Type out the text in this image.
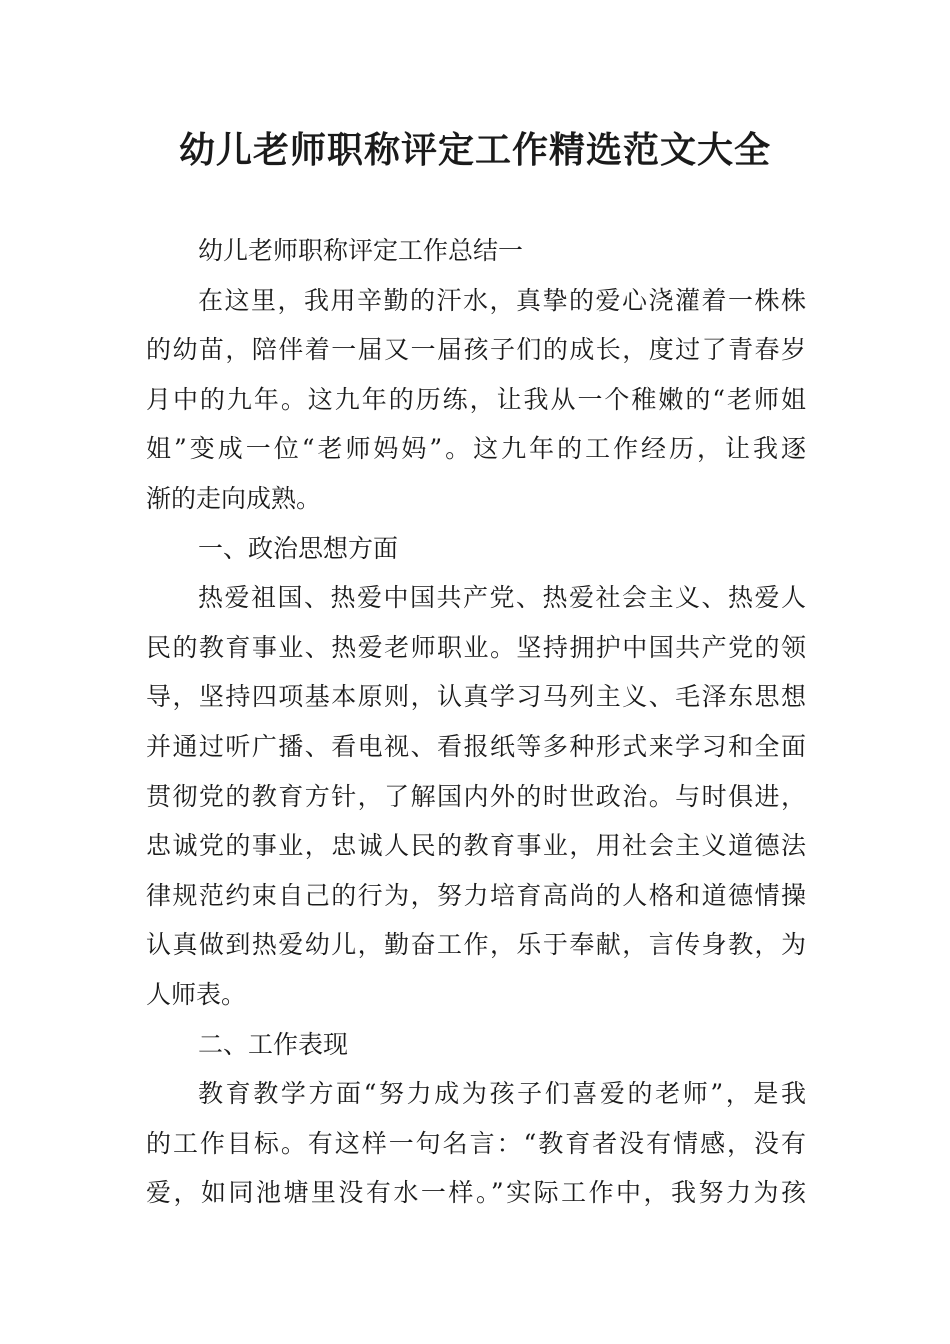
幼儿老师职称评定工作精选范文大全
幼儿老师职称评定工作总结一
在这里，我用辛勤的汗水，真挚的爱心浇灌着一株株
的幼苗，陪伴着一届又一届孩子们的成长，度过了青春岁
月中的九年。这九年的历练，让我从一个稚嫩的“老师姐
姐”变成一位“老师妈妈”。这九年的工作经历，让我逐
渐的走向成熟。
一、政治思想方面
热爱祖国、热爱中国共产党、热爱社会主义、热爱人
民的教育事业、热爱老师职业。坚持拥护中国共产党的领
导，坚持四项基本原则，认真学习马列主义、毛泽东思想
并通过听广播、看电视、看报纸等多种形式来学习和全面
贯彻党的教育方针，了解国内外的时世政治。与时俱进，
忠诚党的事业，忠诚人民的教育事业，用社会主义道德法
律规范约束自己的行为，努力培育高尚的人格和道德情操
认真做到热爱幼儿，勤奋工作，乐于奉献，言传身教，为
人师表。
二、工作表现
教育教学方面“努力成为孩子们喜爱的老师”，是我
的工作目标。有这样一句名言：“教育者没有情感，没有
爱，如同池塘里没有水一样。”实际工作中，我努力为孩
